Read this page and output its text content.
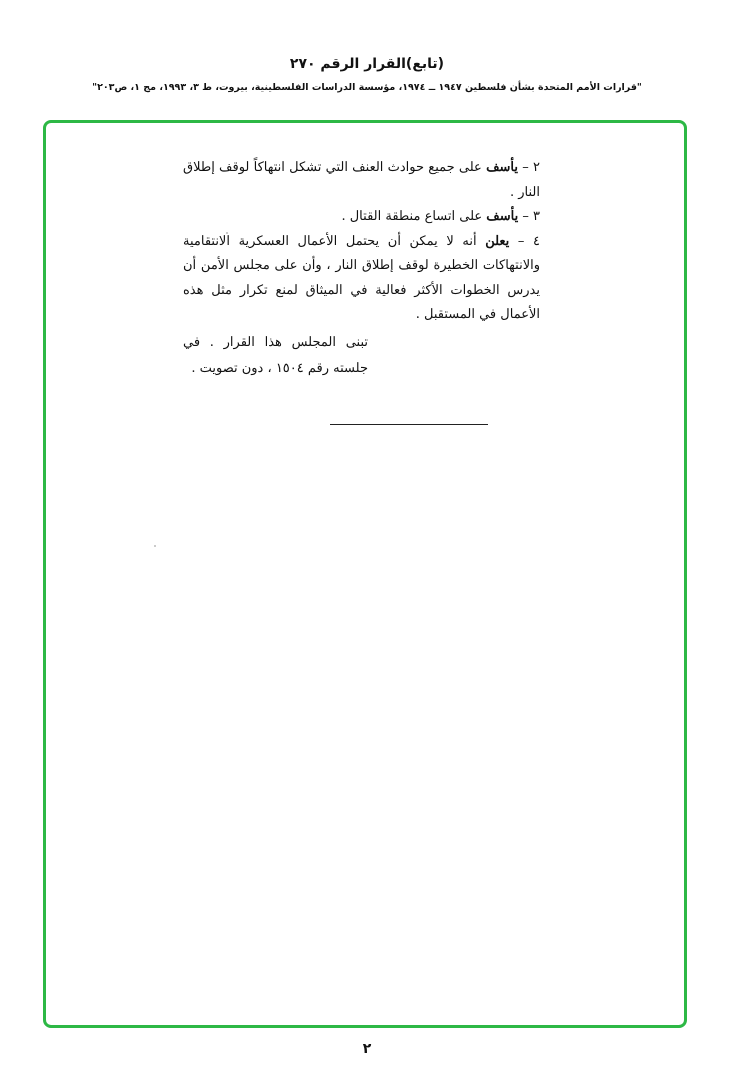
(تابع)القرار الرقم ٢٧٠
"قرارات الأمم المتحدة بشأن فلسطين ١٩٤٧ ــ ١٩٧٤، مؤسسة الدراسات الفلسطينية، بيروت، ط ٣، ١٩٩٣، مج ١، ص٢٠٣"

٢ – يأسف على جميع حوادث العنف التي تشكل انتهاكاً لوقف إطلاق النار .

٣ – يأسف على اتساع منطقة القتال .

٤ – يعلن أنه لا يمكن أن يحتمل الأعمال العسكرية الانتقامية والانتهاكات الخطيرة لوقف إطلاق النار ، وأن على مجلس الأمن أن يدرس الخطوات الأكثر فعالية في الميثاق لمنع تكرار مثل هذه الأعمال في المستقبل .

تبنى المجلس هذا القرار . في جلسته رقم ١٥٠٤ ، دون تصويت .
٢
